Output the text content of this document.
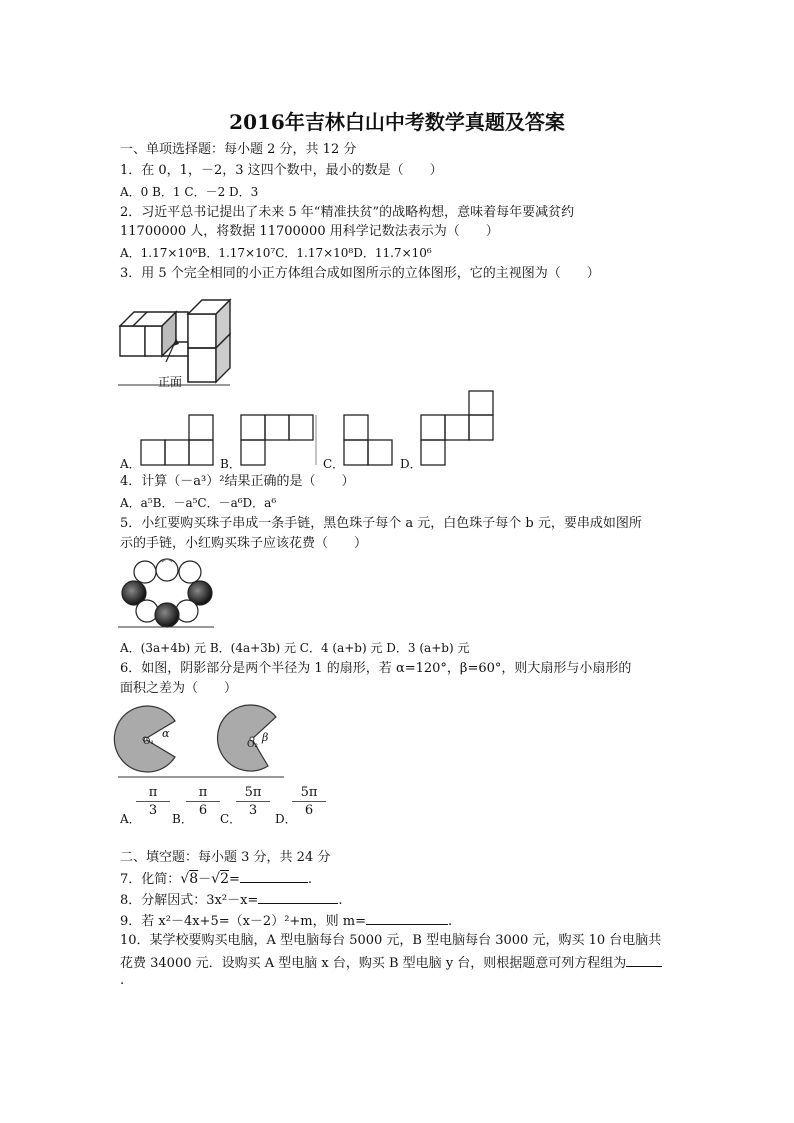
2016年吉林白山中考数学真题及答案
一、单项选择题：每小题 2 分，共 12 分
1．在 0，1，－2，3 这四个数中，最小的数是（　　）
A．0 B．1 C．－2 D．3
2．习近平总书记提出了未来 5 年“精准扶贫”的战略构想，意味着每年要减贫约
11700000 人，将数据 11700000 用科学记数法表示为（　　）
A．1.17×10⁶B．1.17×10⁷C．1.17×10⁸D．11.7×10⁶
3．用 5 个完全相同的小正方体组合成如图所示的立体图形，它的主视图为（　　）
正面
A．	B．	C．	D．
4．计算（－a³）²结果正确的是（　　）
A．a⁵B．－a⁵C．－a⁶D．a⁶
5．小红要购买珠子串成一条手链，黑色珠子每个 a 元，白色珠子每个 b 元，要串成如图所
示的手链，小红购买珠子应该花费（　　）
A．(3a+4b) 元 B．(4a+3b) 元 C．4 (a+b) 元 D．3 (a+b) 元
6．如图，阴影部分是两个半径为 1 的扇形，若 α=120°，β=60°，则大扇形与小扇形的
面积之差为（　　）
O₁
α
O₂
β
A．
$\frac{\pi}{3}$
B．
$\frac{\pi}{6}$
C．
$\frac{5\pi}{3}$
D．
$\frac{5\pi}{6}$
二、填空题：每小题 3 分，共 24 分
7．化简：√8－√2=	.
8．分解因式：3x²－x=	.
9．若 x²－4x+5=（x－2）²+m，则 m=	.
10．某学校要购买电脑，A 型电脑每台 5000 元，B 型电脑每台 3000 元，购买 10 台电脑共
花费 34000 元．设购买 A 型电脑 x 台，购买 B 型电脑 y 台，则根据题意可列方程组为
.
